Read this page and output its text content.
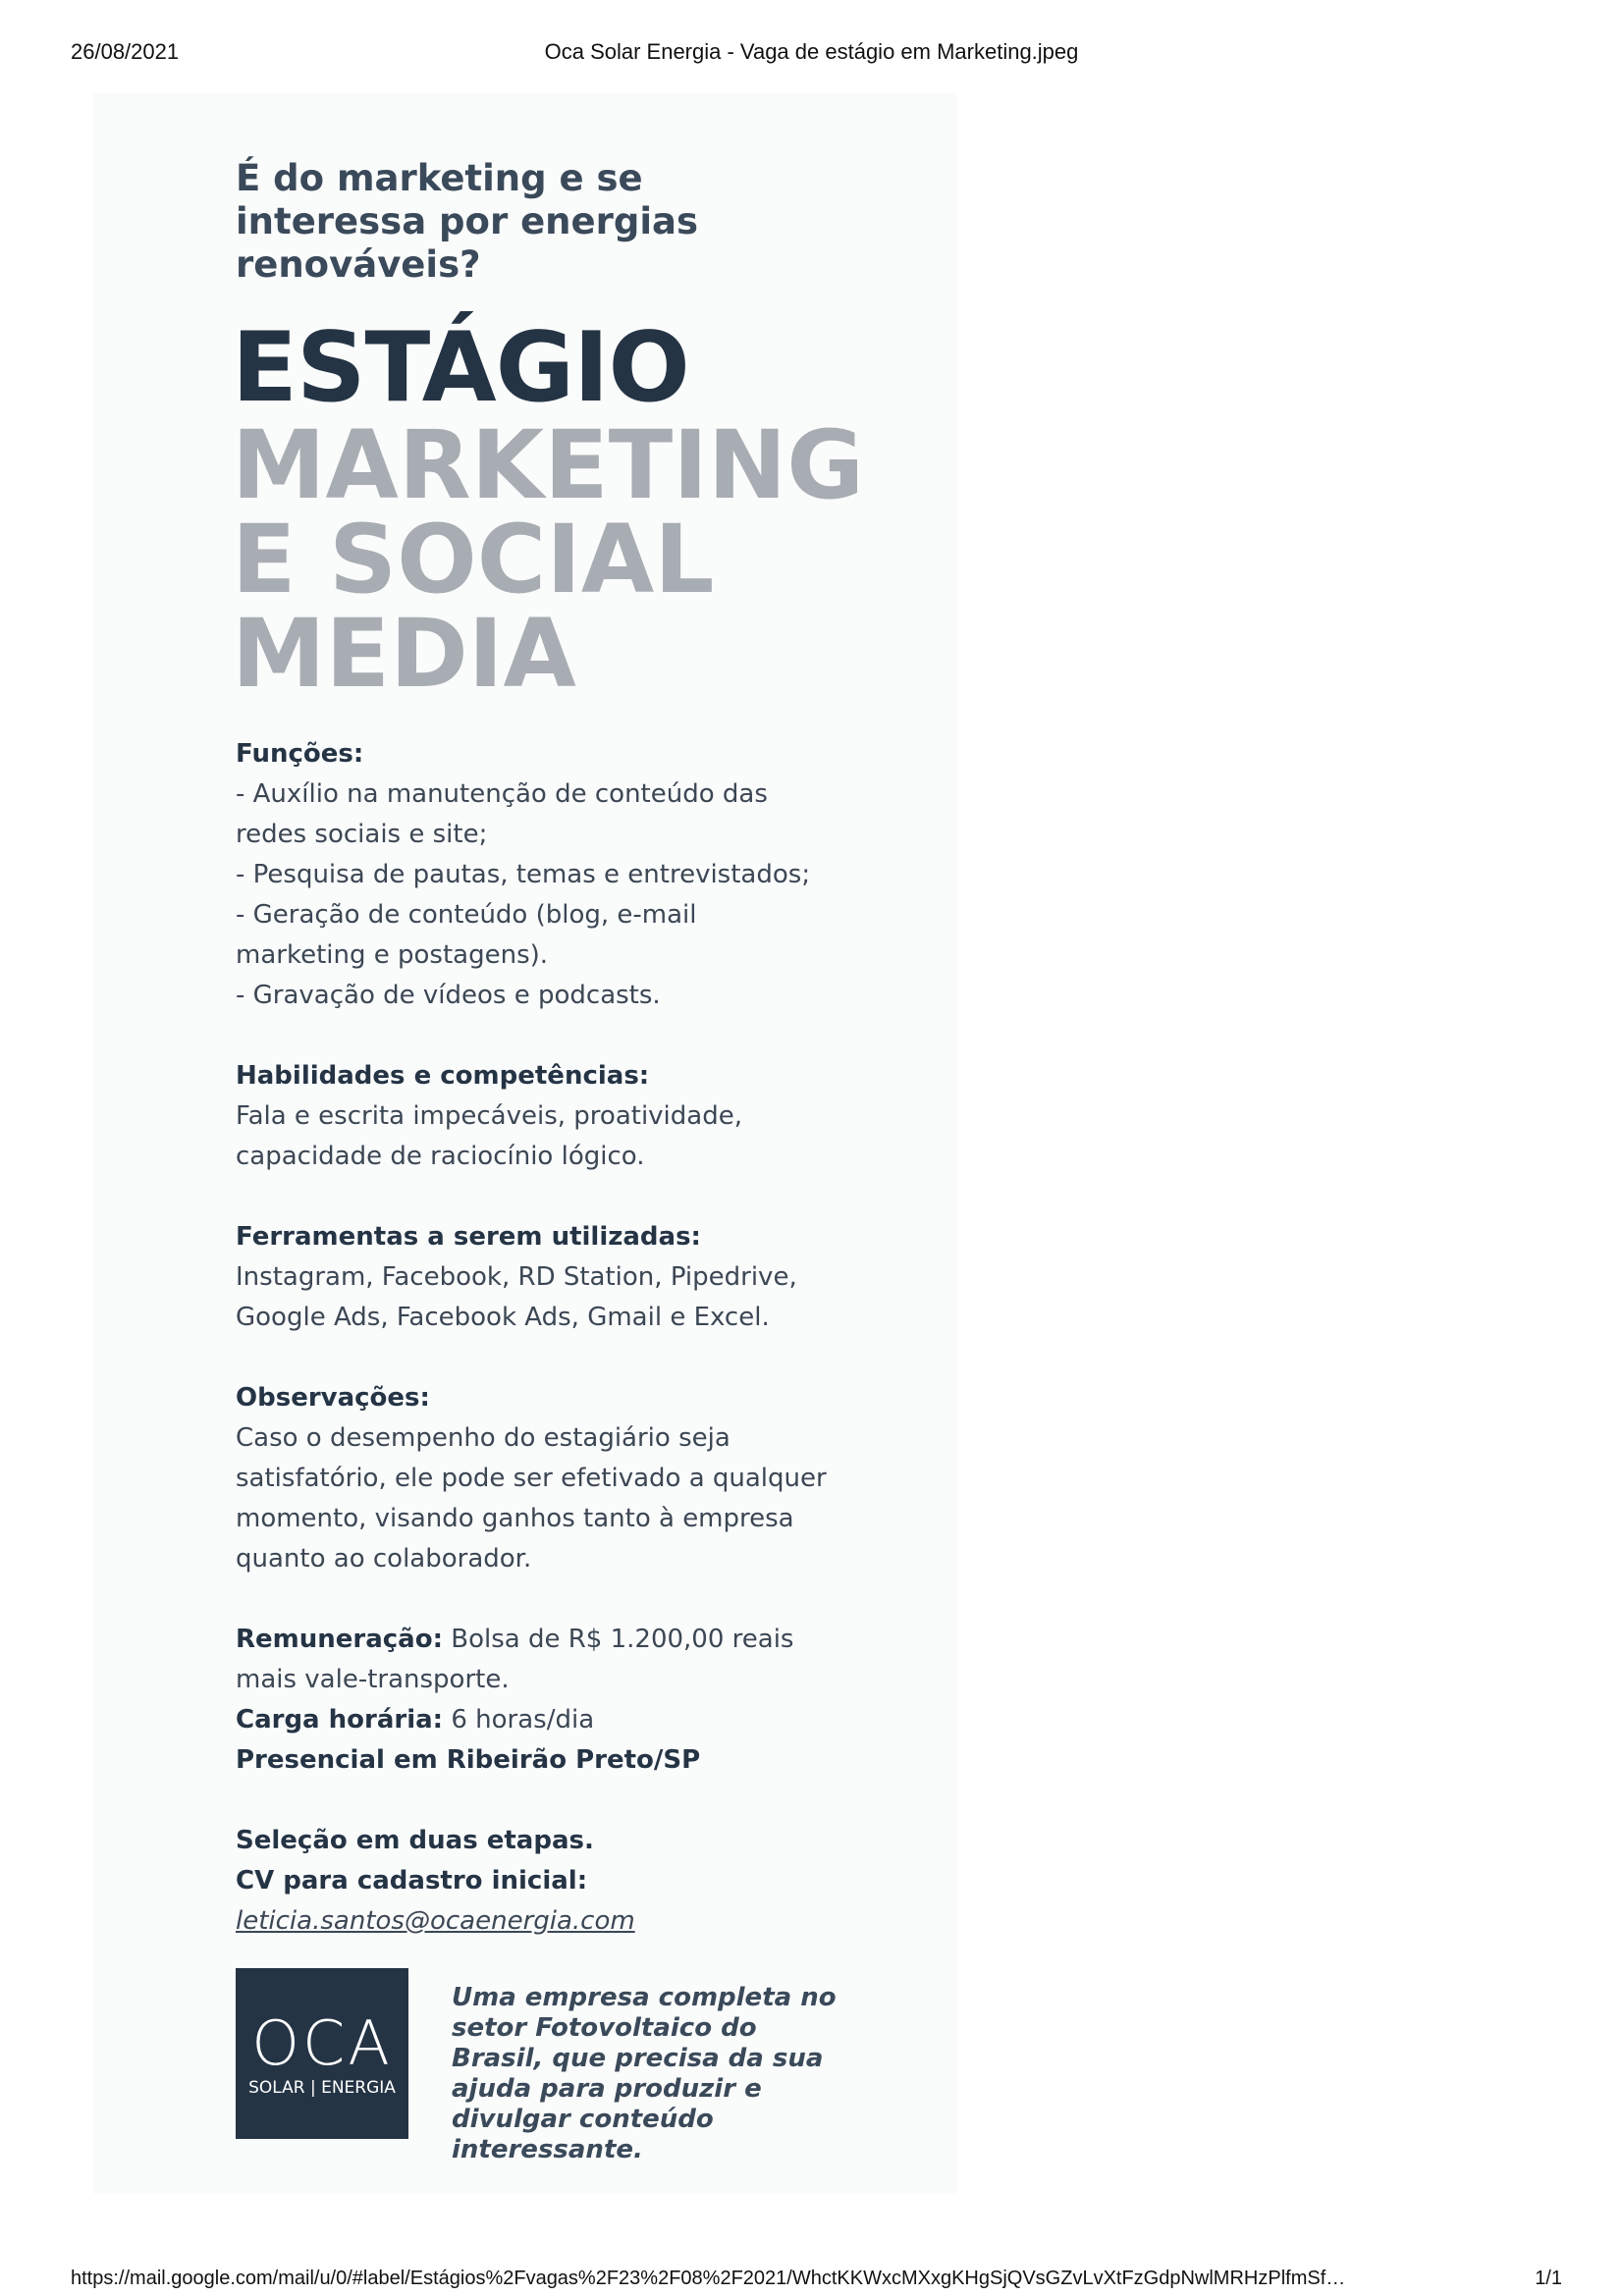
26/08/2021	Oca Solar Energia - Vaga de estágio em Marketing.jpeg

É do marketing e se interessa por energias renováveis?

ESTÁGIO
MARKETING
E SOCIAL
MEDIA
Funções:
- Auxílio na manutenção de conteúdo das redes sociais e site;
- Pesquisa de pautas, temas e entrevistados;
- Geração de conteúdo (blog, e-mail marketing e postagens).
- Gravação de vídeos e podcasts.
Habilidades e competências:
Fala e escrita impecáveis, proatividade, capacidade de raciocínio lógico.
Ferramentas a serem utilizadas: Instagram, Facebook, RD Station, Pipedrive, Google Ads, Facebook Ads, Gmail e Excel.
Observações:
Caso o desempenho do estagiário seja satisfatório, ele pode ser efetivado a qualquer momento, visando ganhos tanto à empresa quanto ao colaborador.
Remuneração: Bolsa de R$ 1.200,00 reais mais vale-transporte.
Carga horária: 6 horas/dia
Presencial em Ribeirão Preto/SP
Seleção em duas etapas.
CV para cadastro inicial:
leticia.santos@ocaenergia.com
OCA
SOLAR | ENERGIA
Uma empresa completa no setor Fotovoltaico do Brasil, que precisa da sua ajuda para produzir e divulgar conteúdo interessante.
https://mail.google.com/mail/u/0/#label/Estágios%2Fvagas%2F23%2F08%2F2021/WhctKKWxcMXxgKHgSjQVsGZvLvXtFzGdpNwlMRHzPlfmSf…	1/1
